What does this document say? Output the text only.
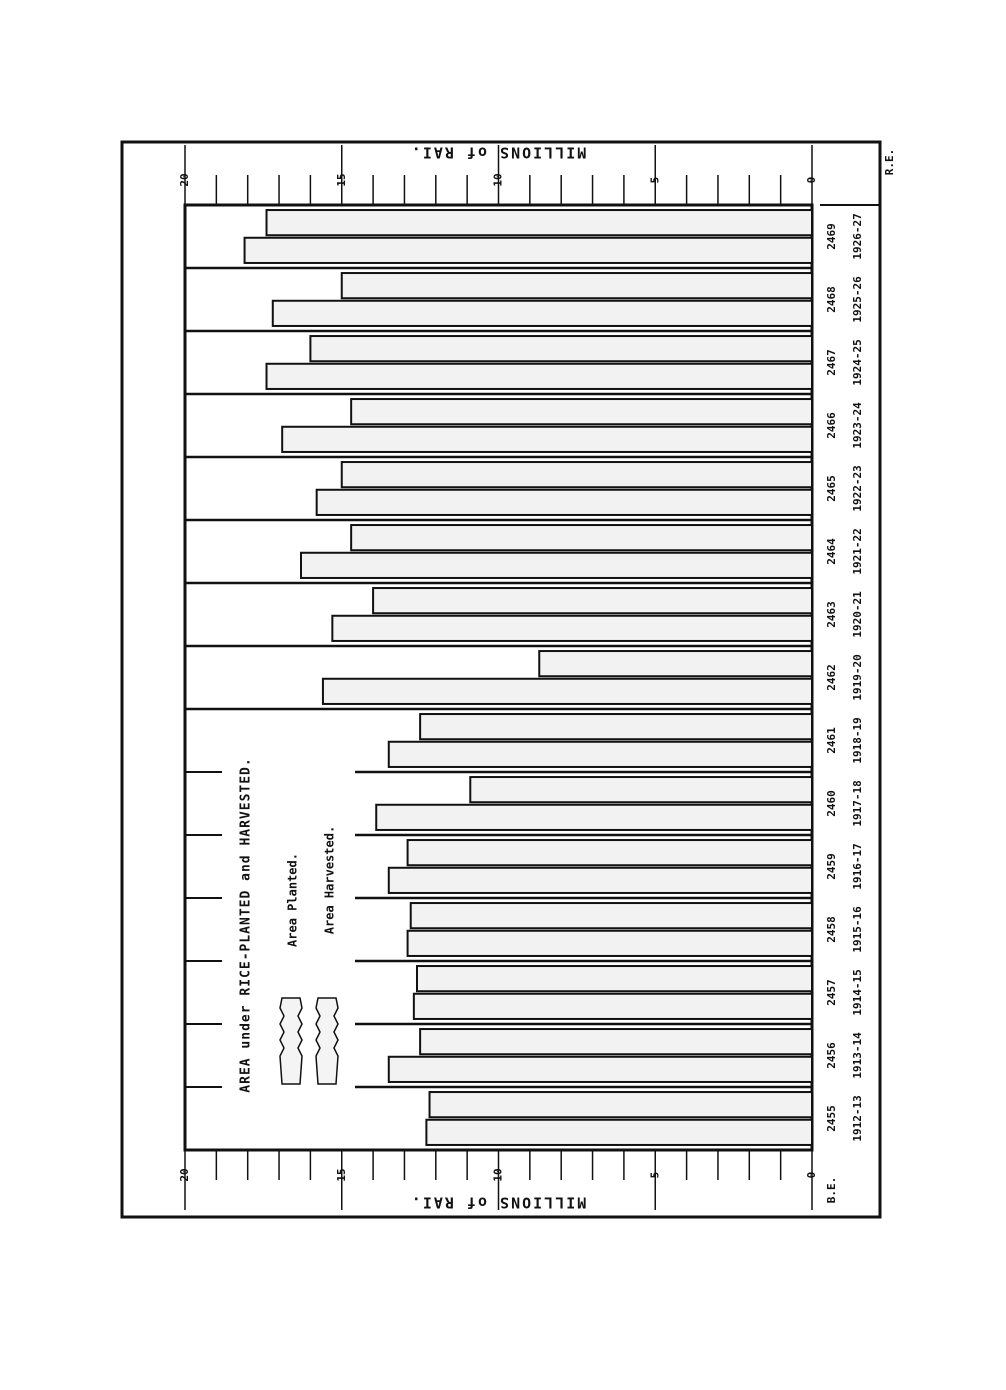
0
5
10
15
20
0
5
10
15
20
2455 1912-13
2456 1913-14
2457 1914-15
2458 1915-16
2459 1916-17
2460 1917-18
2461 1918-19
2462 1919-20
2463 1920-21
2464 1921-22
2465 1922-23
2466 1923-24
2467 1924-25
2468 1925-26
2469 1926-27
MILLIONS of RAI.
MILLIONS of RAI.	B.E.
R.E.
AREA under RICE-PLANTED and HARVESTED.	Area Planted. Area Harvested.
